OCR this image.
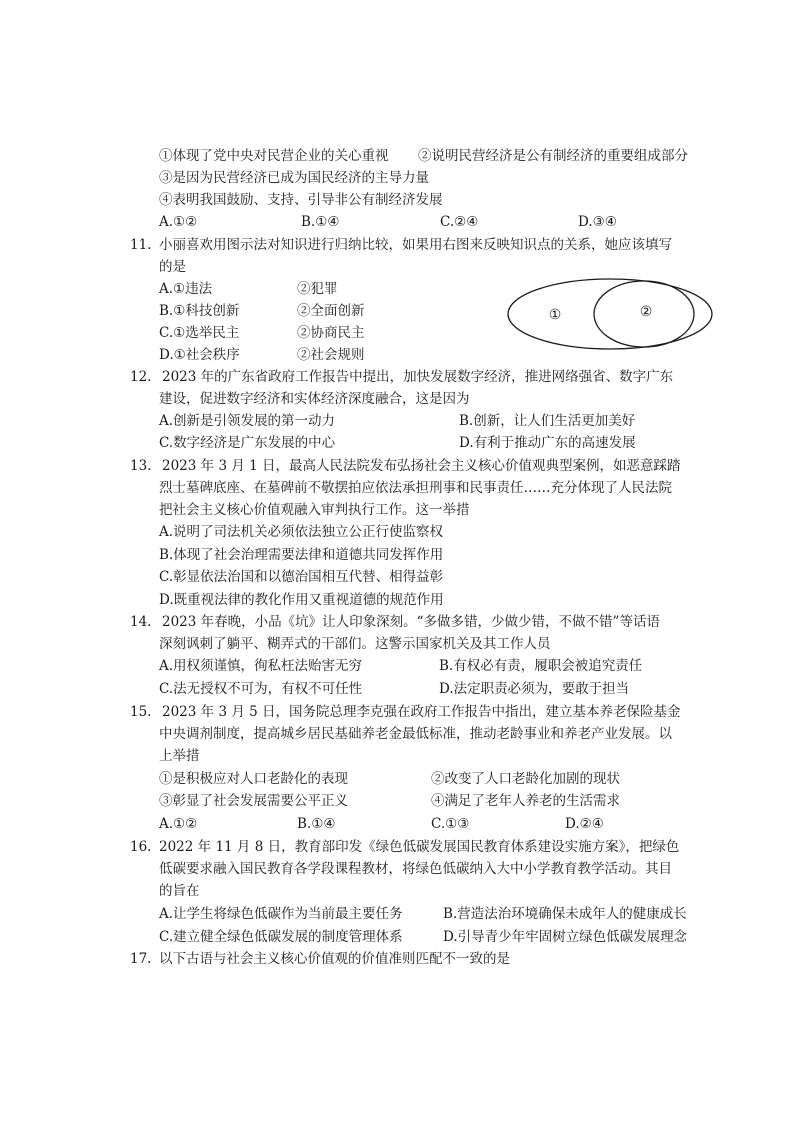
①体现了党中央对民营企业的关心重视 ②说明民营经济是公有制经济的重要组成部分
③是因为民营经济已成为国民经济的主导力量
④表明我国鼓励、支持、引导非公有制经济发展
A.①②	B.①④	C.②④	D.③④
11. 小丽喜欢用图示法对知识进行归纳比较，如果用右图来反映知识点的关系，她应该填写
的是
A.①违法	②犯罪
B.①科技创新	②全面创新
C.①选举民主	②协商民主
D.①社会秩序	②社会规则
①	②
12. 2023 年的广东省政府工作报告中提出，加快发展数字经济，推进网络强省、数字广东
建设，促进数字经济和实体经济深度融合，这是因为
A.创新是引领发展的第一动力	B.创新，让人们生活更加美好
C.数字经济是广东发展的中心	D.有利于推动广东的高速发展
13. 2023 年 3 月 1 日，最高人民法院发布弘扬社会主义核心价值观典型案例，如恶意踩踏
烈士墓碑底座、在墓碑前不敬摆拍应依法承担刑事和民事责任……充分体现了人民法院
把社会主义核心价值观融入审判执行工作。这一举措
A.说明了司法机关必须依法独立公正行使监察权
B.体现了社会治理需要法律和道德共同发挥作用
C.彰显依法治国和以德治国相互代替、相得益彰
D.既重视法律的教化作用又重视道德的规范作用
14. 2023 年春晚，小品《坑》让人印象深刻。“多做多错，少做少错，不做不错”等话语
深刻讽刺了躺平、糊弄式的干部们。这警示国家机关及其工作人员
A.用权须谨慎，徇私枉法贻害无穷	B.有权必有责，履职会被追究责任
C.法无授权不可为，有权不可任性	D.法定职责必须为，要敢于担当
15. 2023 年 3 月 5 日，国务院总理李克强在政府工作报告中指出，建立基本养老保险基金
中央调剂制度，提高城乡居民基础养老金最低标准，推动老龄事业和养老产业发展。以
上举措
①是积极应对人口老龄化的表现	②改变了人口老龄化加剧的现状
③彰显了社会发展需要公平正义	④满足了老年人养老的生活需求
A.①②	B.①④	C.①③	D.②④
16. 2022 年 11 月 8 日，教育部印发《绿色低碳发展国民教育体系建设实施方案》，把绿色
低碳要求融入国民教育各学段课程教材，将绿色低碳纳入大中小学教育教学活动。其目
的旨在
A.让学生将绿色低碳作为当前最主要任务	B.营造法治环境确保未成年人的健康成长
C.建立健全绿色低碳发展的制度管理体系	D.引导青少年牢固树立绿色低碳发展理念
17. 以下古语与社会主义核心价值观的价值准则匹配不一致的是
